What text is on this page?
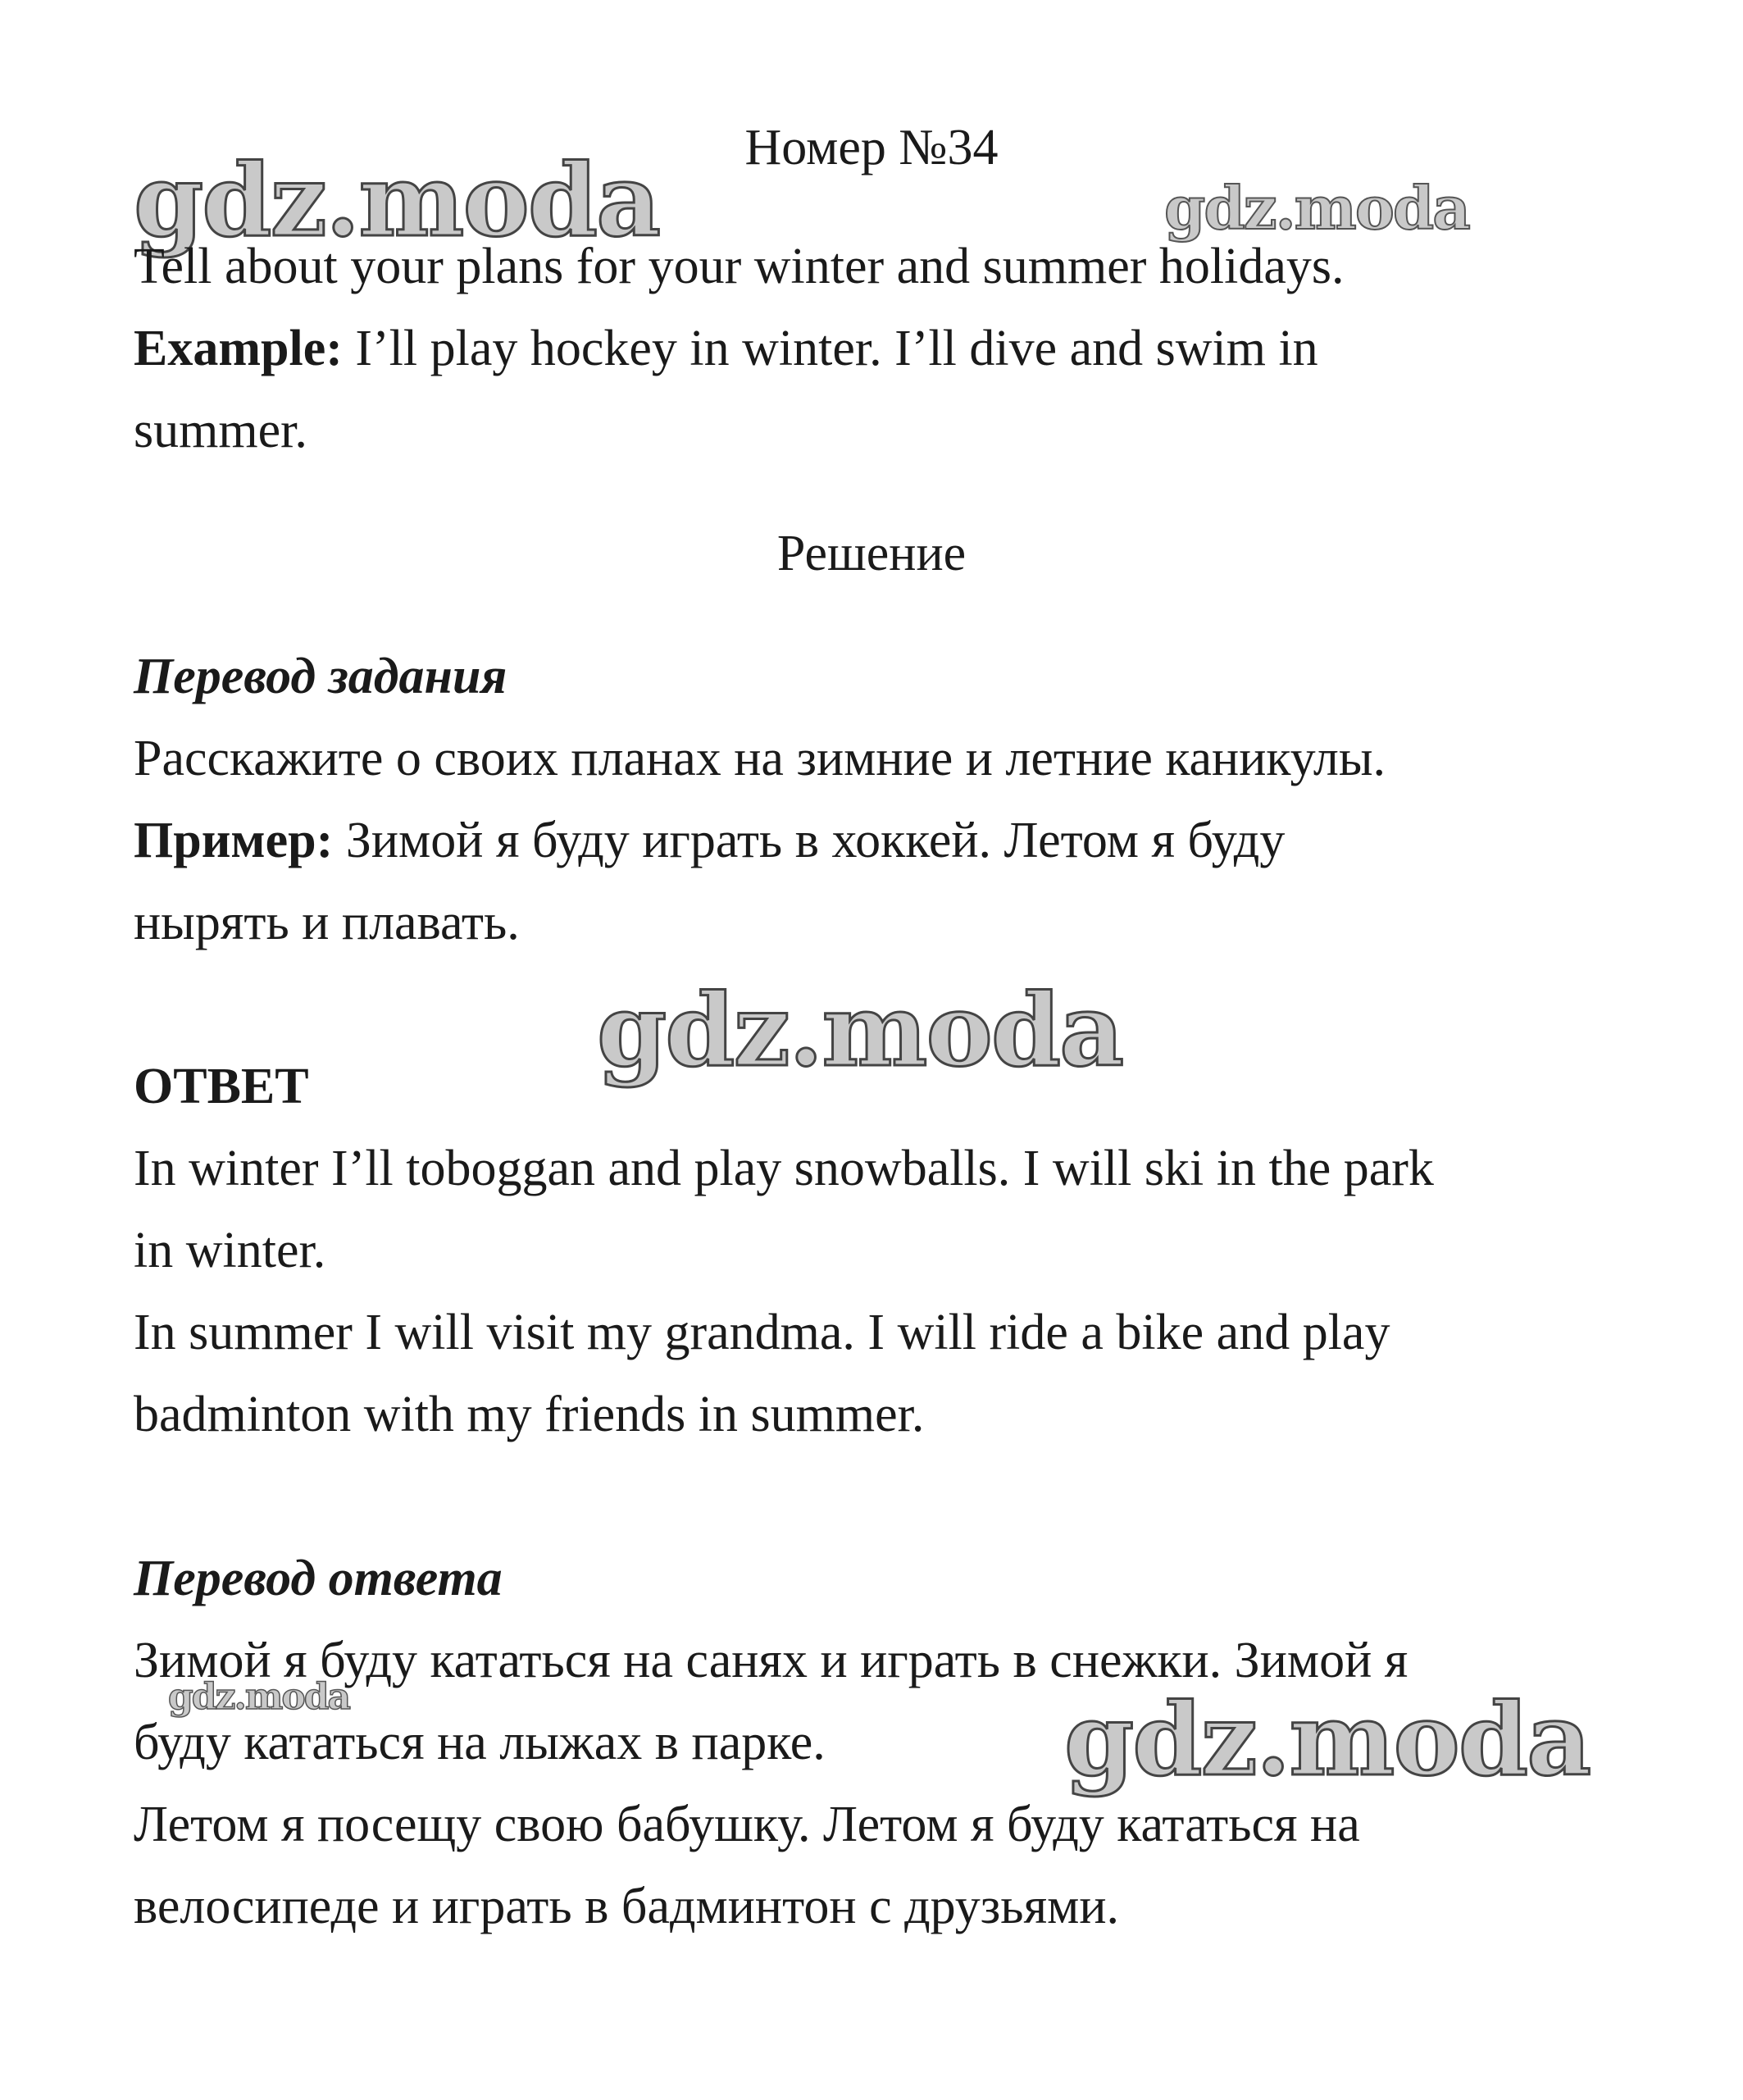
Номер №34
gdz.moda	gdz.moda
Tell about your plans for your winter and summer holidays.
Example: I’ll play hockey in winter. I’ll dive and swim in
summer.
Решение
Перевод задания
Расскажите о своих планах на зимние и летние каникулы.
Пример: Зимой я буду играть в хоккей. Летом я буду
нырять и плавать.
gdz.moda
ОТВЕТ
In winter I’ll toboggan and play snowballs. I will ski in the park
in winter.
In summer I will visit my grandma. I will ride a bike and play
badminton with my friends in summer.
Перевод ответа
Зимой я буду кататься на санях и играть в снежки. Зимой я
gdz.moda
буду кататься на лыжах в парке. gdz.moda
Летом я посещу свою бабушку. Летом я буду кататься на
велосипеде и играть в бадминтон с друзьями.
